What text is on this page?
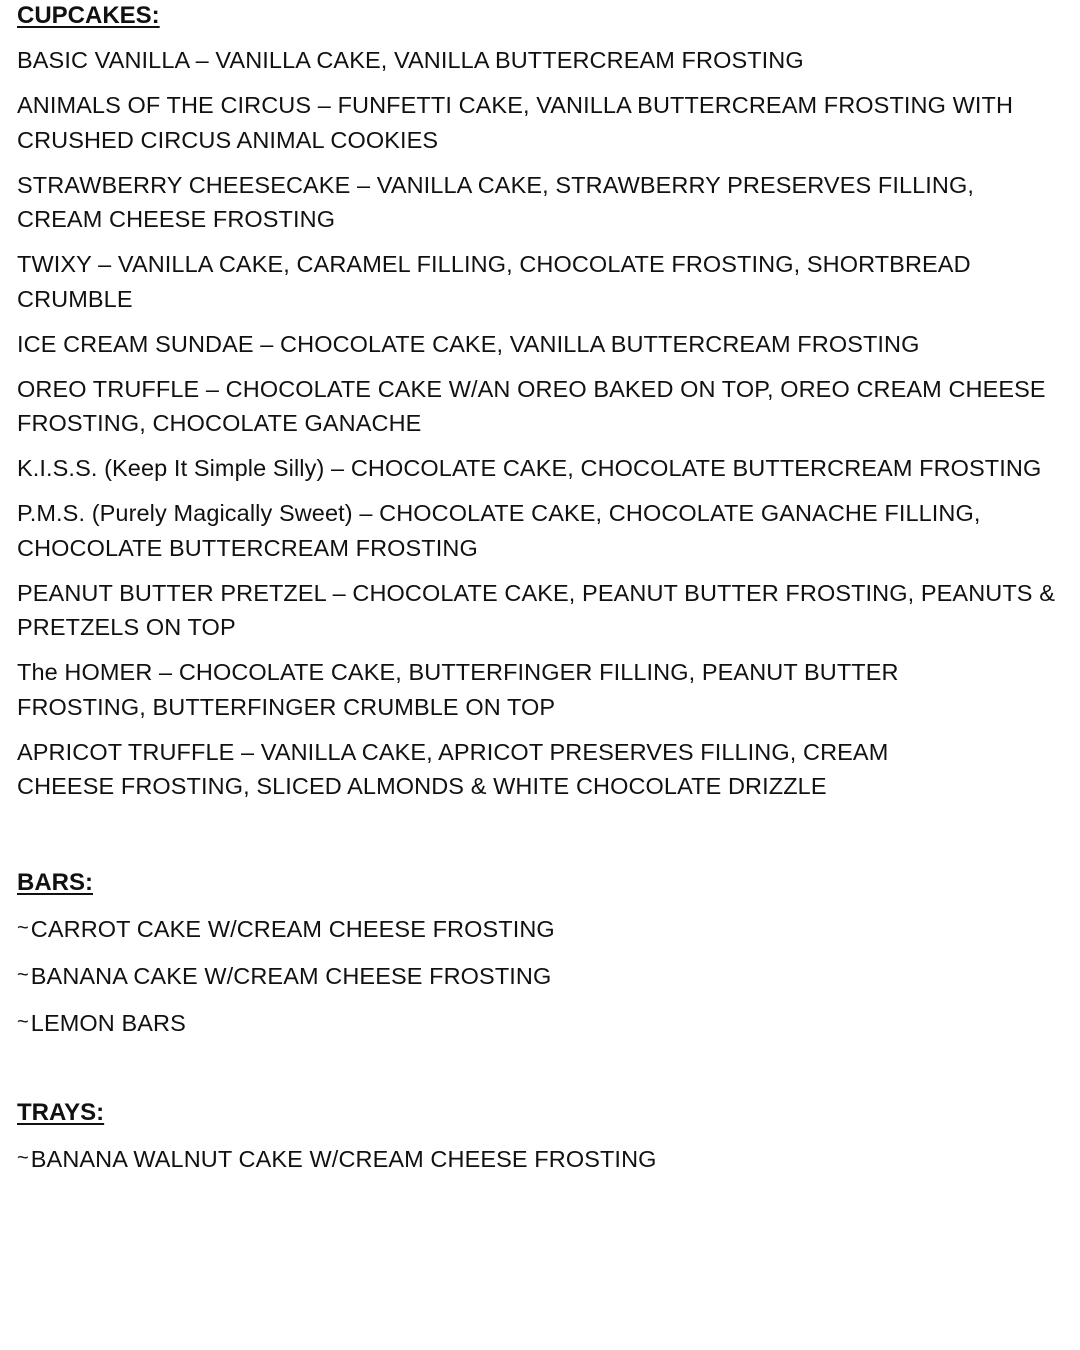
CUPCAKES:

BASIC VANILLA – VANILLA CAKE, VANILLA BUTTERCREAM FROSTING

ANIMALS OF THE CIRCUS – FUNFETTI CAKE, VANILLA BUTTERCREAM FROSTING WITH CRUSHED CIRCUS ANIMAL COOKIES

STRAWBERRY CHEESECAKE – VANILLA CAKE, STRAWBERRY PRESERVES FILLING, CREAM CHEESE FROSTING

TWIXY – VANILLA CAKE, CARAMEL FILLING, CHOCOLATE FROSTING, SHORTBREAD CRUMBLE

ICE CREAM SUNDAE – CHOCOLATE CAKE, VANILLA BUTTERCREAM FROSTING

OREO TRUFFLE – CHOCOLATE CAKE W/AN OREO BAKED ON TOP, OREO CREAM CHEESE FROSTING, CHOCOLATE GANACHE

K.I.S.S. (Keep It Simple Silly) – CHOCOLATE CAKE, CHOCOLATE BUTTERCREAM FROSTING

P.M.S. (Purely Magically Sweet) – CHOCOLATE CAKE, CHOCOLATE GANACHE FILLING, CHOCOLATE BUTTERCREAM FROSTING

PEANUT BUTTER PRETZEL – CHOCOLATE CAKE, PEANUT BUTTER FROSTING, PEANUTS & PRETZELS ON TOP

The HOMER – CHOCOLATE CAKE, BUTTERFINGER FILLING, PEANUT BUTTER FROSTING, BUTTERFINGER CRUMBLE ON TOP

APRICOT TRUFFLE – VANILLA CAKE, APRICOT PRESERVES FILLING, CREAM CHEESE FROSTING, SLICED ALMONDS & WHITE CHOCOLATE DRIZZLE

BARS:

~CARROT CAKE W/CREAM CHEESE FROSTING

~BANANA CAKE W/CREAM CHEESE FROSTING

~LEMON BARS

TRAYS:

~BANANA WALNUT CAKE W/CREAM CHEESE FROSTING
